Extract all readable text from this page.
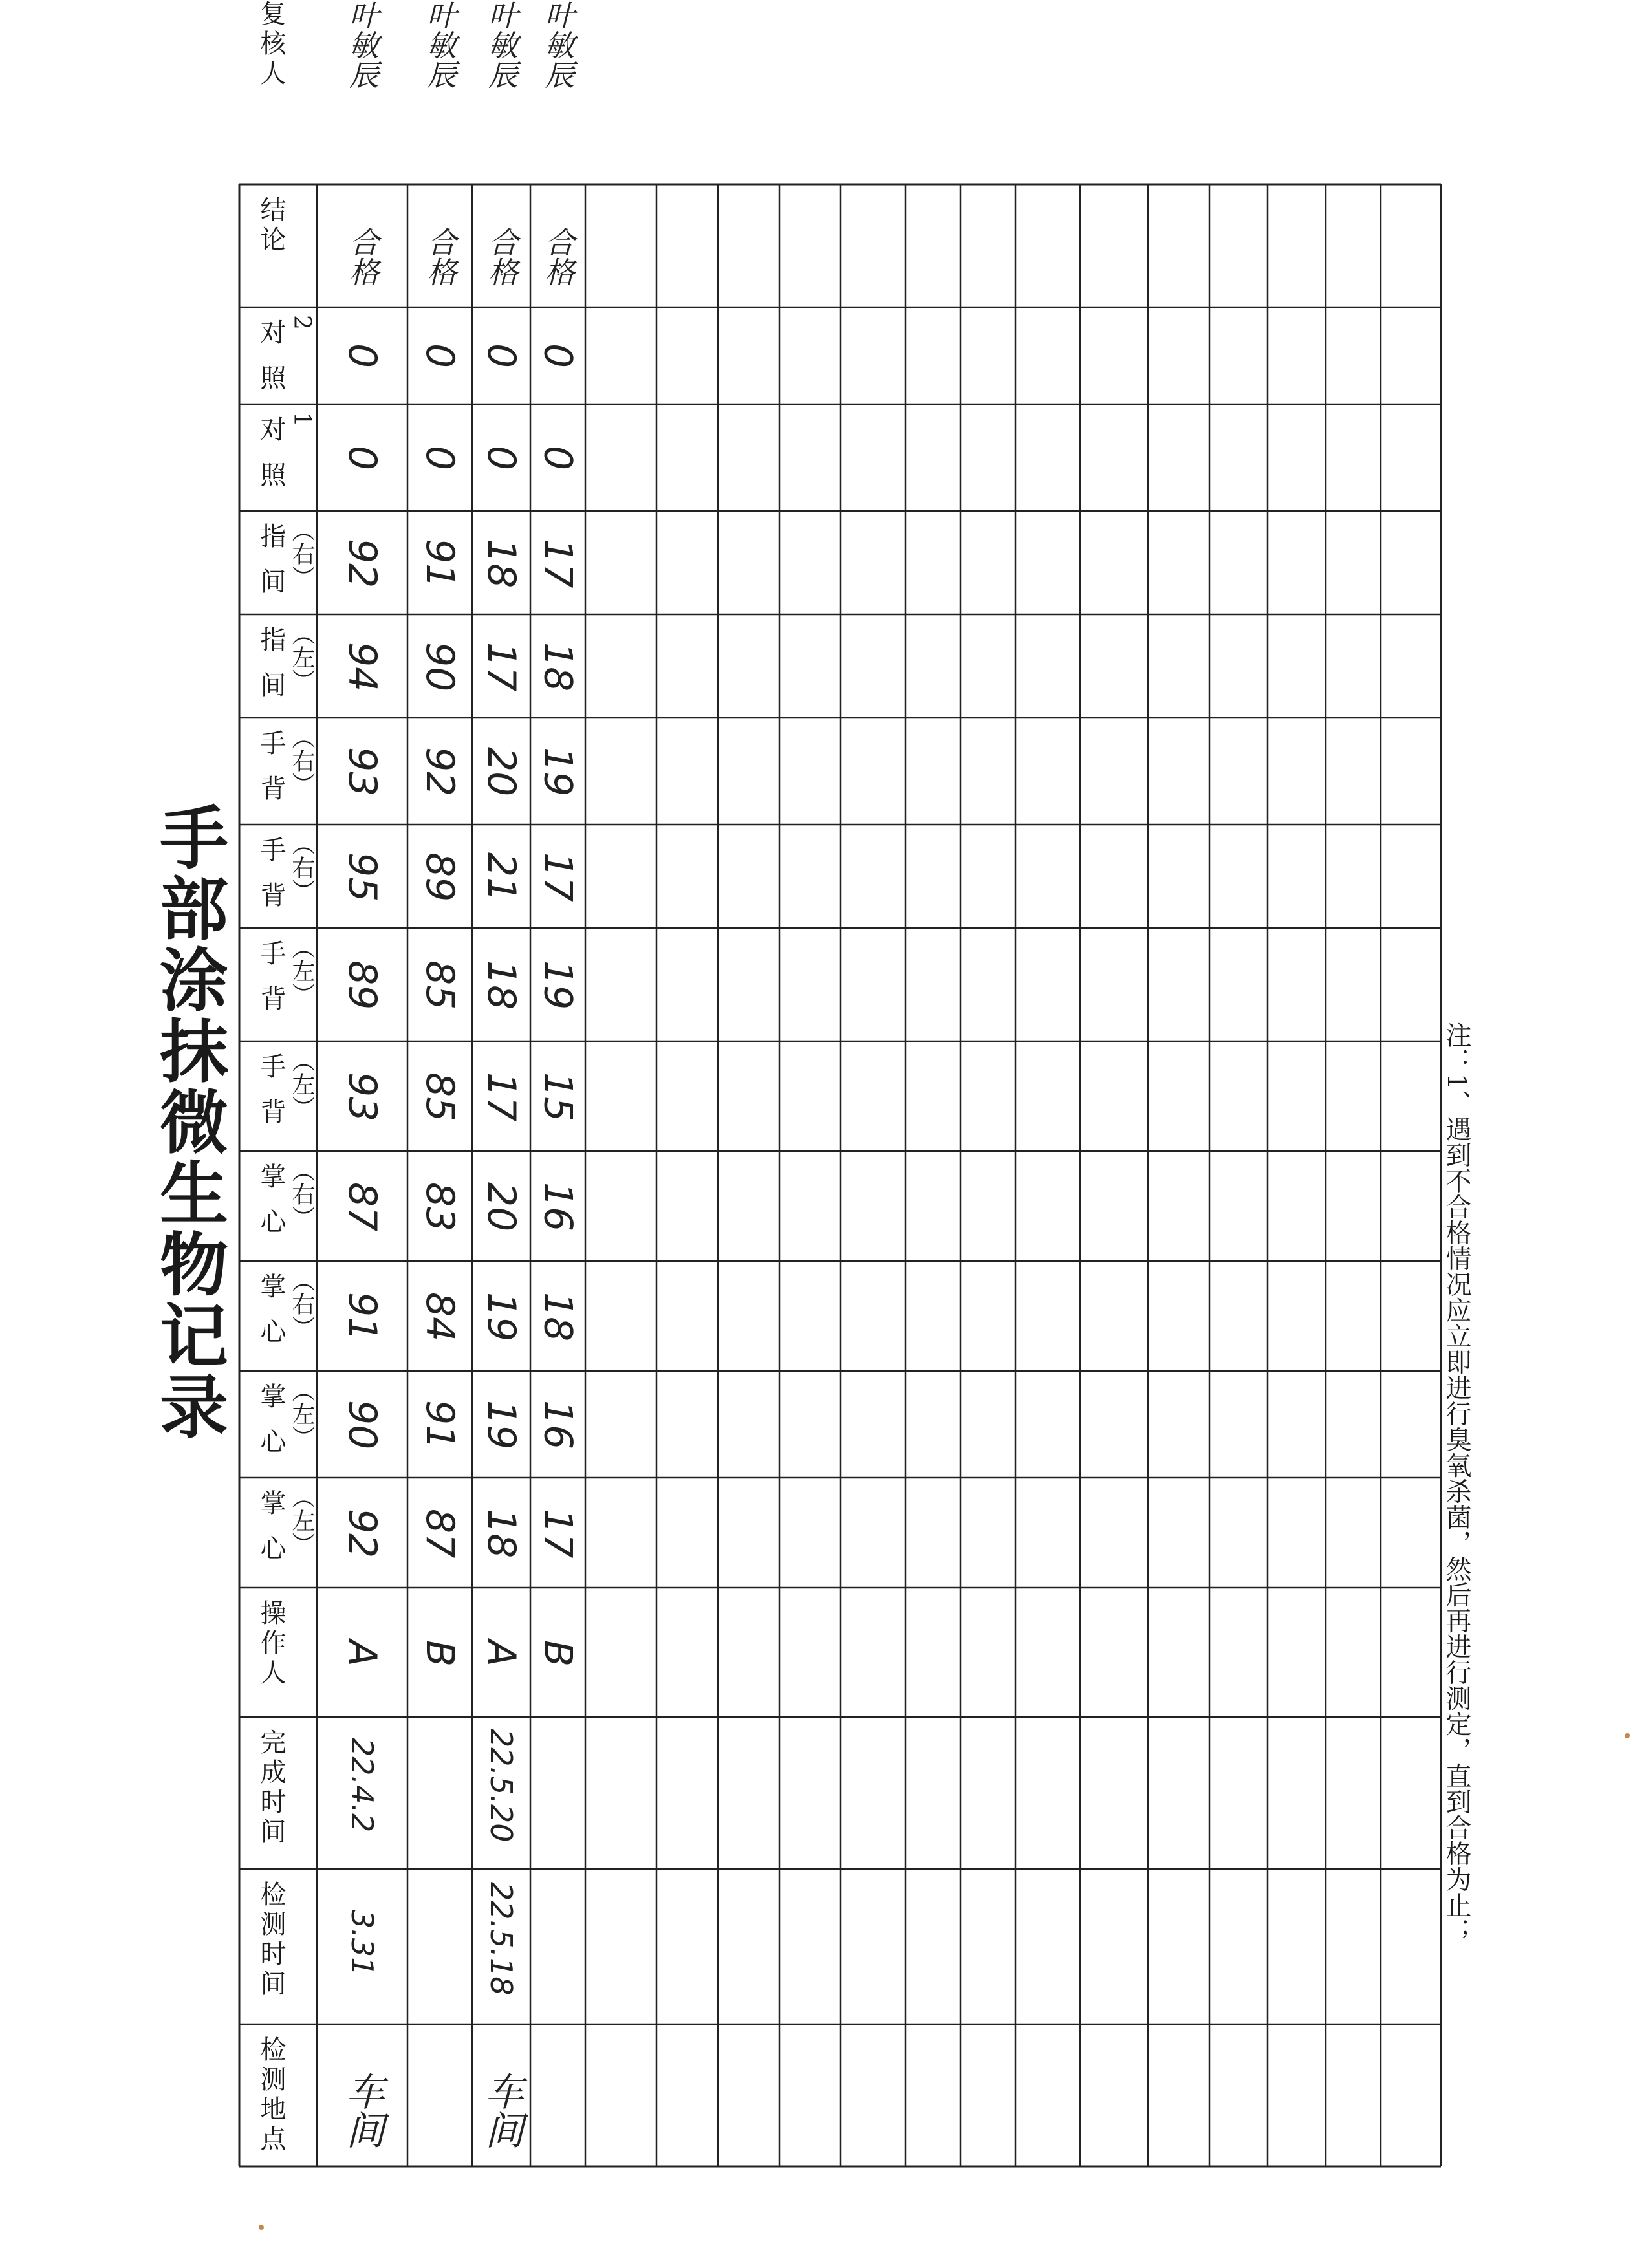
手部涂抹微生物记录
检测地点
检测时间
完成时间
操作人
掌心 （左）
掌心 （左）
掌心 （右）
掌心 （右）
手背 （左）
手背 （左）
手背 （右）
手背 （右）
指间 （左）
指间 （右）
对照 1
对照 2
结论
复核人
车间
3.31
22.4.2
A
92
90
91
87
93
89
95
93
94
92
0
0
合格
叶敏辰
B
87
91
84
83
85
85
89
92
90
91
0
0
合格
叶敏辰
车间
22.5.18
22.5.20
A
18
19
19
20
17
18
21
20
17
18
0
0
合格
叶敏辰
B
17
16
18
16
15
19
17
19
18
17
0
0
合格
叶敏辰
注：1、遇到不合格情况应立即进行臭氧杀菌，然后再进行测定，直到合格为止；
